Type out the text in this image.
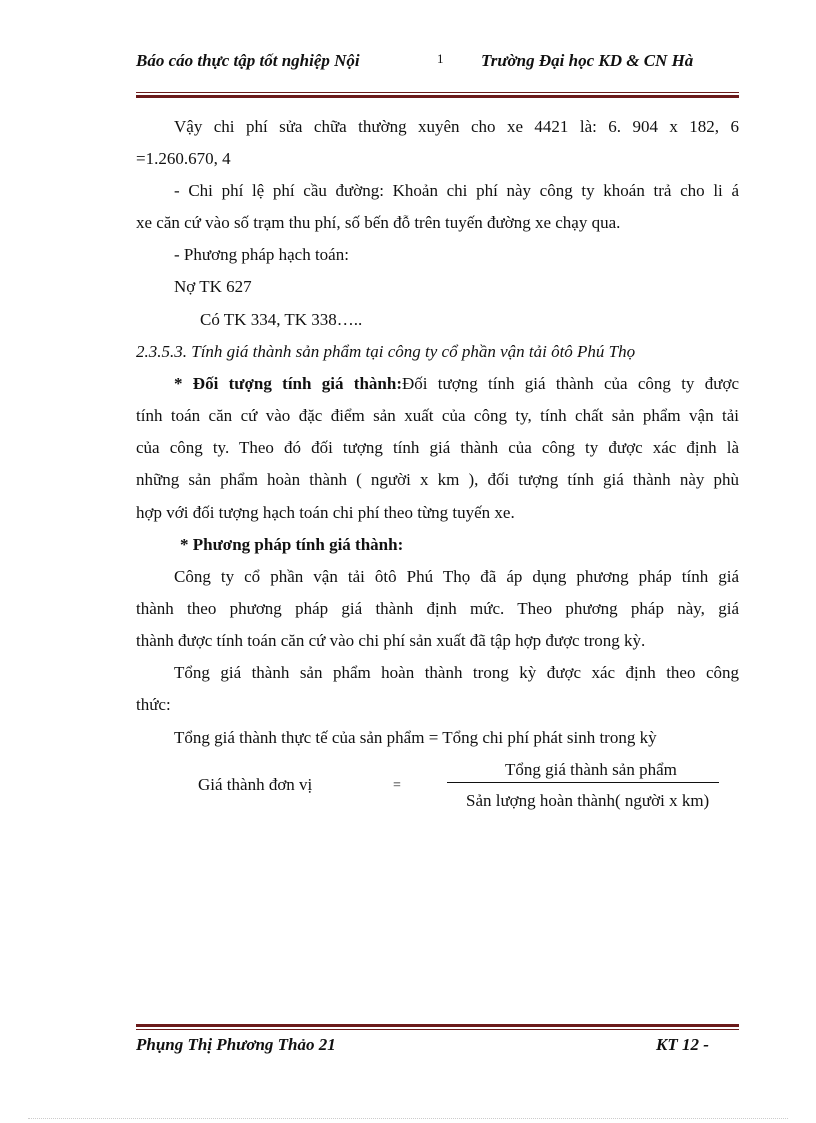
Báo cáo thực tập tốt nghiệp Nội	1 Trường Đại học KD & CN Hà
Vậy chi phí sửa chữa thường xuyên cho xe 4421 là: 6. 904 x 182, 6
=1.260.670, 4
- Chi phí lệ phí cầu đường: Khoản chi phí này công ty khoán trả cho li á
xe căn cứ vào số trạm thu phí, số bến đỗ trên tuyến đường xe chạy qua.
- Phương pháp hạch toán:
Nợ TK 627
Có TK 334, TK 338…..
2.3.5.3. Tính giá thành sản phẩm tại công ty cổ phần vận tải ôtô Phú Thọ
* Đối tượng tính giá thành:Đối tượng tính giá thành của công ty được
tính toán căn cứ vào đặc điểm sản xuất của công ty, tính chất sản phẩm vận tải
của công ty. Theo đó đối tượng tính giá thành của công ty được xác định là
những sản phẩm hoàn thành ( người x km ), đối tượng tính giá thành này phù
hợp với đối tượng hạch toán chi phí theo từng tuyến xe.
* Phương pháp tính giá thành:
Công ty cổ phần vận tải ôtô Phú Thọ đã áp dụng phương pháp tính giá
thành theo phương pháp giá thành định mức. Theo phương pháp này, giá
thành được tính toán căn cứ vào chi phí sản xuất đã tập hợp được trong kỳ.
Tổng giá thành sản phẩm hoàn thành trong kỳ được xác định theo công
thức:
Tổng giá thành thực tế của sản phẩm = Tổng chi phí phát sinh trong kỳ
Giá thành đơn vị	=
Tổng giá thành sản phẩm
Sản lượng hoàn thành( người x km)
Phụng Thị Phương Thảo 21	KT 12 -
